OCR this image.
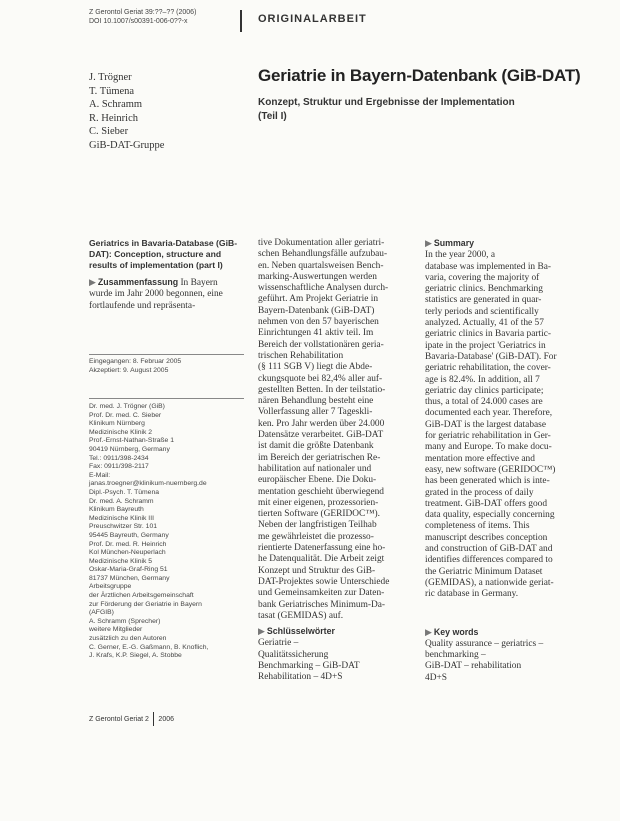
Z Gerontol Geriat 39:??–?? (2006)
DOI 10.1007/s00391-006-0??-x	ORIGINALARBEIT
J. Trögner
T. Tümena
A. Schramm
R. Heinrich
C. Sieber
GiB-DAT-Gruppe
Geriatrie in Bayern-Datenbank (GiB-DAT)
Konzept, Struktur und Ergebnisse der Implementation
(Teil I)

Geriatrics in Bavaria-Database (GiB-DAT): Conception, structure and results of implementation (part I)

▶ Zusammenfassung In Bayern wurde im Jahr 2000 begonnen, eine fortlaufende und repräsenta-

Eingegangen: 8. Februar 2005
Akzeptiert: 9. August 2005
Dr. med. J. Trögner (GiB)
Prof. Dr. med. C. Sieber
Klinikum Nürnberg
Medizinische Klinik 2
Prof.-Ernst-Nathan-Straße 1
90419 Nürnberg, Germany
Tel.: 0911/398-2434
Fax: 0911/398-2117
E-Mail:
janas.troegner@klinikum-nuernberg.de
Dipl.-Psych. T. Tümena
Dr. med. A. Schramm
Klinikum Bayreuth
Medizinische Klinik III
Preuschwitzer Str. 101
95445 Bayreuth, Germany
Prof. Dr. med. R. Heinrich
Kol München-Neuperlach
Medizinische Klinik 5
Oskar-Maria-Graf-Ring 51
81737 München, Germany
Arbeitsgruppe
der Ärztlichen Arbeitsgemeinschaft
zur Förderung der Geriatrie in Bayern
(AFGIB)
A. Schramm (Sprecher)
weitere Mitglieder
zusätzlich zu den Autoren
C. Gerner, E.-G. Gaßmann, B. Knoflich,
J. Krafs, K.P. Siegel, A. Stobbe
tive Dokumentation aller geriatri-
schen Behandlungsfälle aufzubau-
en. Neben quartalsweisen Bench-
marking-Auswertungen werden
wissenschaftliche Analysen durch-
geführt. Am Projekt Geriatrie in
Bayern-Datenbank (GiB-DAT)
nehmen von den 57 bayerischen
Einrichtungen 41 aktiv teil. Im
Bereich der vollstationären geria-
trischen Rehabilitation
(§ 111 SGB V) liegt die Abde-
ckungsquote bei 82,4% aller auf-
gestellten Betten. In der teilstatio-
nären Behandlung besteht eine
Vollerfassung aller 7 Tageskli-
ken. Pro Jahr werden über 24.000
Datensätze verarbeitet. GiB-DAT
ist damit die größte Datenbank
im Bereich der geriatrischen Re-
habilitation auf nationaler und
europäischer Ebene. Die Doku-
mentation geschieht überwiegend
mit einer eigenen, prozessorien-
tierten Software (GERIDOC™).
Neben der langfristigen Teilhab
me gewährleistet die prozesso-
rientierte Datenerfassung eine ho-
he Datenqualität. Die Arbeit zeigt
Konzept und Struktur des GiB-
DAT-Projektes sowie Unterschiede
und Gemeinsamkeiten zur Daten-
bank Geriatrisches Minimum-Da-
tasat (GEMIDAS) auf.
▶ Schlüsselwörter
Geriatrie –
Qualitätssicherung
Benchmarking – GiB-DAT
Rehabilitation – 4D+S
▶ Summary
In the year 2000, a
database was implemented in Ba-
varia, covering the majority of
geriatric clinics. Benchmarking
statistics are generated in quar-
terly periods and scientifically
analyzed. Actually, 41 of the 57
geriatric clinics in Bavaria partic-
ipate in the project 'Geriatrics in
Bavaria-Database' (GiB-DAT). For
geriatric rehabilitation, the cover-
age is 82.4%. In addition, all 7
geriatric day clinics participate;
thus, a total of 24.000 cases are
documented each year. Therefore,
GiB-DAT is the largest database
for geriatric rehabilitation in Ger-
many and Europe. To make docu-
mentation more effective and
easy, new software (GERIDOC™)
has been generated which is inte-
grated in the process of daily
treatment. GiB-DAT offers good
data quality, especially concerning
completeness of items. This
manuscript describes conception
and construction of GiB-DAT and
identifies differences compared to
the Geriatric Minimum Dataset
(GEMIDAS), a nationwide geriat-
ric database in Germany.
▶ Key words
Quality assurance – geriatrics –
benchmarking –
GiB-DAT – rehabilitation
4D+S
Z Gerontol Geriat 2 2006
